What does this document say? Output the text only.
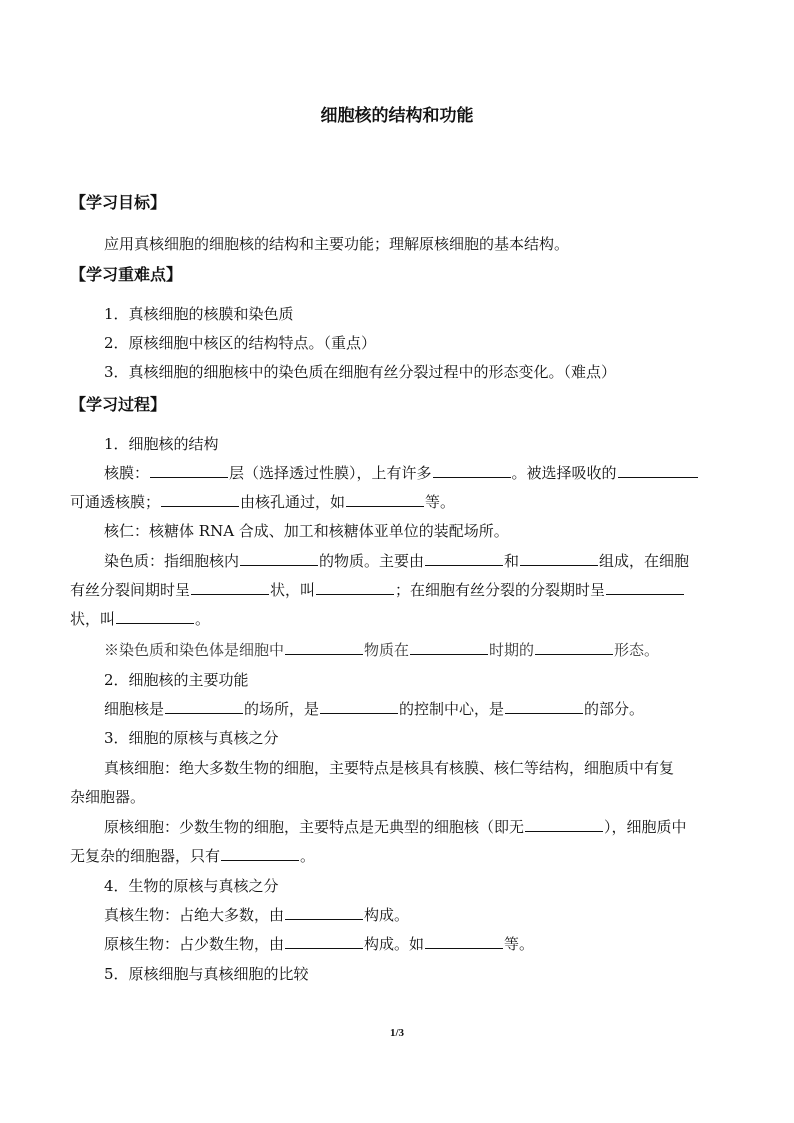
细胞核的结构和功能
【学习目标】
应用真核细胞的细胞核的结构和主要功能；理解原核细胞的基本结构。
【学习重难点】
1．真核细胞的核膜和染色质
2．原核细胞中核区的结构特点。（重点）
3．真核细胞的细胞核中的染色质在细胞有丝分裂过程中的形态变化。（难点）
【学习过程】
1．细胞核的结构
核膜：	层（选择透过性膜），上有许多	。被选择吸收的
可通透核膜；	由核孔通过，如	等。
核仁：核糖体 RNA 合成、加工和核糖体亚单位的装配场所。
染色质：指细胞核内	的物质。主要由	和	组成，在细胞
有丝分裂间期时呈	状，叫	；在细胞有丝分裂的分裂期时呈
状，叫	。
※染色质和染色体是细胞中	物质在	时期的	形态。
2．细胞核的主要功能
细胞核是	的场所，是	的控制中心，是	的部分。
3．细胞的原核与真核之分
真核细胞：绝大多数生物的细胞，主要特点是核具有核膜、核仁等结构，细胞质中有复
杂细胞器。
原核细胞：少数生物的细胞，主要特点是无典型的细胞核（即无	），细胞质中
无复杂的细胞器，只有	。
4．生物的原核与真核之分
真核生物：占绝大多数，由	构成。
原核生物：占少数生物，由	构成。如	等。
5．原核细胞与真核细胞的比较
1/3
